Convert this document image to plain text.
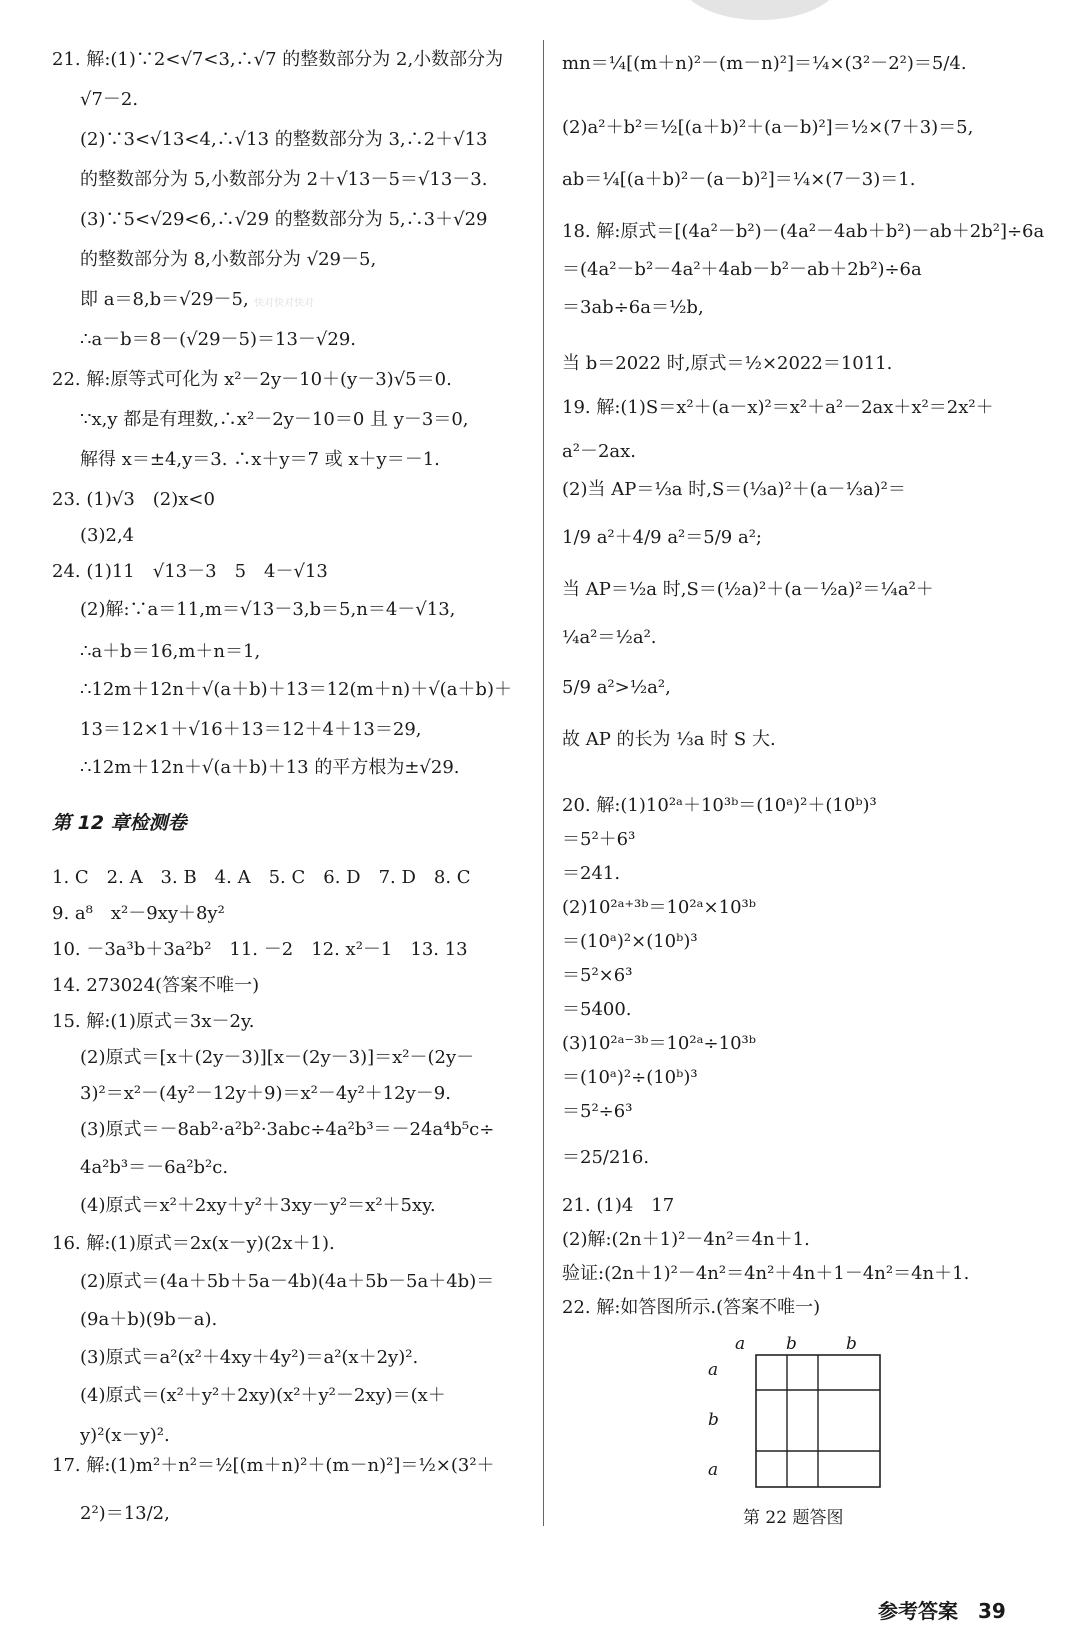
21. 解:(1)∵2<√7<3,∴√7 的整数部分为 2,小数部分为
√7－2.
(2)∵3<√13<4,∴√13 的整数部分为 3,∴2＋√13
的整数部分为 5,小数部分为 2＋√13－5＝√13－3.
(3)∵5<√29<6,∴√29 的整数部分为 5,∴3＋√29
的整数部分为 8,小数部分为 √29－5,
即 a＝8,b＝√29－5,
∴a－b＝8－(√29－5)＝13－√29.
22. 解:原等式可化为 x²－2y－10＋(y－3)√5＝0.
∵x,y 都是有理数,∴x²－2y－10＝0 且 y－3＝0,
解得 x＝±4,y＝3. ∴x＋y＝7 或 x＋y＝－1.
23. (1)√3　(2)x<0
(3)2,4
24. (1)11　√13－3　5　4－√13
(2)解:∵a＝11,m＝√13－3,b＝5,n＝4－√13,
∴a＋b＝16,m＋n＝1,
∴12m＋12n＋√(a＋b)＋13＝12(m＋n)＋√(a＋b)＋
13＝12×1＋√16＋13＝12＋4＋13＝29,
∴12m＋12n＋√(a＋b)＋13 的平方根为±√29.
1. C　2. A　3. B　4. A　5. C　6. D　7. D　8. C
9. a⁸　x²－9xy＋8y²
10. －3a³b＋3a²b²　11. －2　12. x²－1　13. 13
14. 273024(答案不唯一)
15. 解:(1)原式＝3x－2y.
(2)原式＝[x＋(2y－3)][x－(2y－3)]＝x²－(2y－
3)²＝x²－(4y²－12y＋9)＝x²－4y²＋12y－9.
(3)原式＝－8ab²·a²b²·3abc÷4a²b³＝－24a⁴b⁵c÷
4a²b³＝－6a²b²c.
(4)原式＝x²＋2xy＋y²＋3xy－y²＝x²＋5xy.
16. 解:(1)原式＝2x(x－y)(2x＋1).
(2)原式＝(4a＋5b＋5a－4b)(4a＋5b－5a＋4b)＝
(9a＋b)(9b－a).
(3)原式＝a²(x²＋4xy＋4y²)＝a²(x＋2y)².
(4)原式＝(x²＋y²＋2xy)(x²＋y²－2xy)＝(x＋
y)²(x－y)².
17. 解:(1)m²＋n²＝½[(m＋n)²＋(m－n)²]＝½×(3²＋
2²)＝13/2,
mn＝¼[(m＋n)²－(m－n)²]＝¼×(3²－2²)＝5/4.
(2)a²＋b²＝½[(a＋b)²＋(a－b)²]＝½×(7＋3)＝5,
ab＝¼[(a＋b)²－(a－b)²]＝¼×(7－3)＝1.
18. 解:原式＝[(4a²－b²)－(4a²－4ab＋b²)－ab＋2b²]÷6a
＝(4a²－b²－4a²＋4ab－b²－ab＋2b²)÷6a
＝3ab÷6a＝½b,
当 b＝2022 时,原式＝½×2022＝1011.
19. 解:(1)S＝x²＋(a－x)²＝x²＋a²－2ax＋x²＝2x²＋
a²－2ax.
(2)当 AP＝⅓a 时,S＝(⅓a)²＋(a－⅓a)²＝
1/9 a²＋4/9 a²＝5/9 a²;
当 AP＝½a 时,S＝(½a)²＋(a－½a)²＝¼a²＋
¼a²＝½a².
5/9 a²>½a²,
故 AP 的长为 ⅓a 时 S 大.
20. 解:(1)10²ᵃ＋10³ᵇ＝(10ᵃ)²＋(10ᵇ)³
＝5²＋6³
＝241.
(2)10²ᵃ⁺³ᵇ＝10²ᵃ×10³ᵇ
＝(10ᵃ)²×(10ᵇ)³
＝5²×6³
＝5400.
(3)10²ᵃ⁻³ᵇ＝10²ᵃ÷10³ᵇ
＝(10ᵃ)²÷(10ᵇ)³
＝5²÷6³
＝25/216.
21. (1)4　17
(2)解:(2n＋1)²－4n²＝4n＋1.
验证:(2n＋1)²－4n²＝4n²＋4n＋1－4n²＝4n＋1.
22. 解:如答图所示.(答案不唯一)
第 12 章检测卷
a b	b
a
b
a
第 22 题答图
快对快对快对
参考答案　39
